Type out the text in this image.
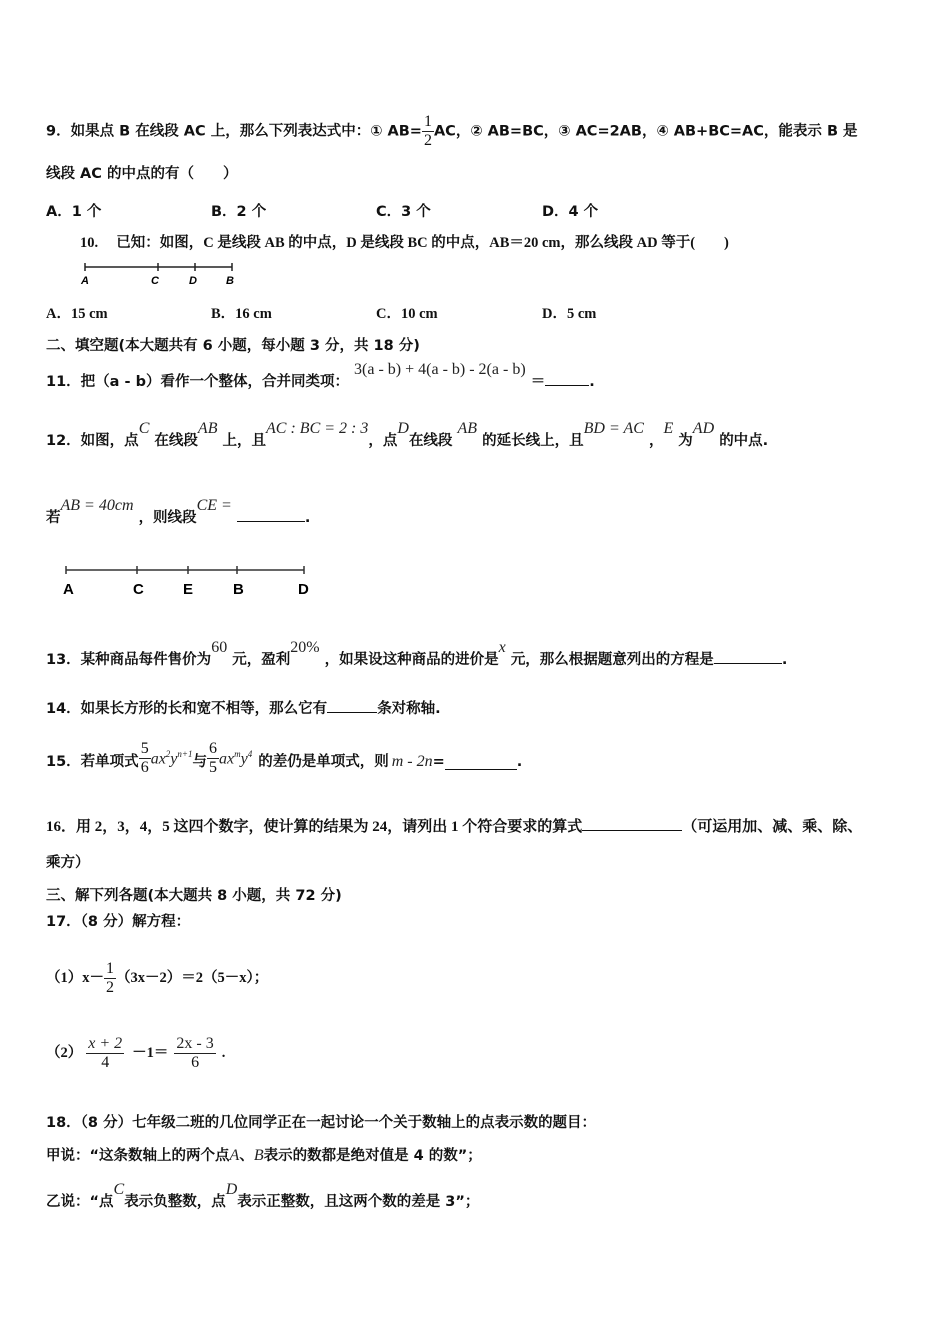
9．如果点 B 在线段 AC 上，那么下列表达式中：① $AB= \frac{1}{2}$ AC，② AB=BC，③ AC=2AB，④ AB+BC=AC，能表示 B 是
线段 AC 的中点的有（　　）
A．1 个	B．2 个	C．3 个	D．4 个
10.　 已知：如图，C 是线段 AB 的中点，D 是线段 BC 的中点，AB＝20 cm，那么线段 AD 等于(　　)
A	C	D	B
A．15 cm	B．16 cm	C．10 cm	D．5 cm
二、填空题(本大题共有 6 小题，每小题 3 分，共 18 分)
11．把（a - b）看作一个整体，合并同类项： 3(a - b) + 4(a - b) - 2(a - b) ＝	.
12．如图，点C 在线段AB 上，且AC : BC = 2 : 3，点D在线段 AB 的延长线上，且BD = AC ，E 为AD 的中点.
若AB = 40cm ，则线段CE = .
A	C	E	B	D
13．某种商品每件售价为60 元，盈利20% ，如果设这种商品的进价是x 元，那么根据题意列出的方程是	.
14．如果长方形的长和宽不相等，那么它有	条对称轴.
15．若单项式 $\frac{5}{6} ax^2y^{n+1}$ 与 $\frac{6}{5} ax^my^4$ 的差仍是单项式，则 m - 2n =	.
16．用 2，3，4，5 这四个数字，使计算的结果为 24，请列出 1 个符合要求的算式	（可运用加、减、乘、除、
乘方）
三、解下列各题(本大题共 8 小题，共 72 分)
17．（8 分）解方程：
$(1)x- \frac{1}{2} (3x-2)=2(5-x)$；
$(2) \frac{x + 2}{4} -1= \frac{2x - 3}{6}$ .
18．（8 分）七年级二班的几位同学正在一起讨论一个关于数轴上的点表示数的题目：
甲说：“这条数轴上的两个点A、B表示的数都是绝对值是 4 的数”；
乙说：“点C表示负整数，点D表示正整数，且这两个数的差是 3”；
